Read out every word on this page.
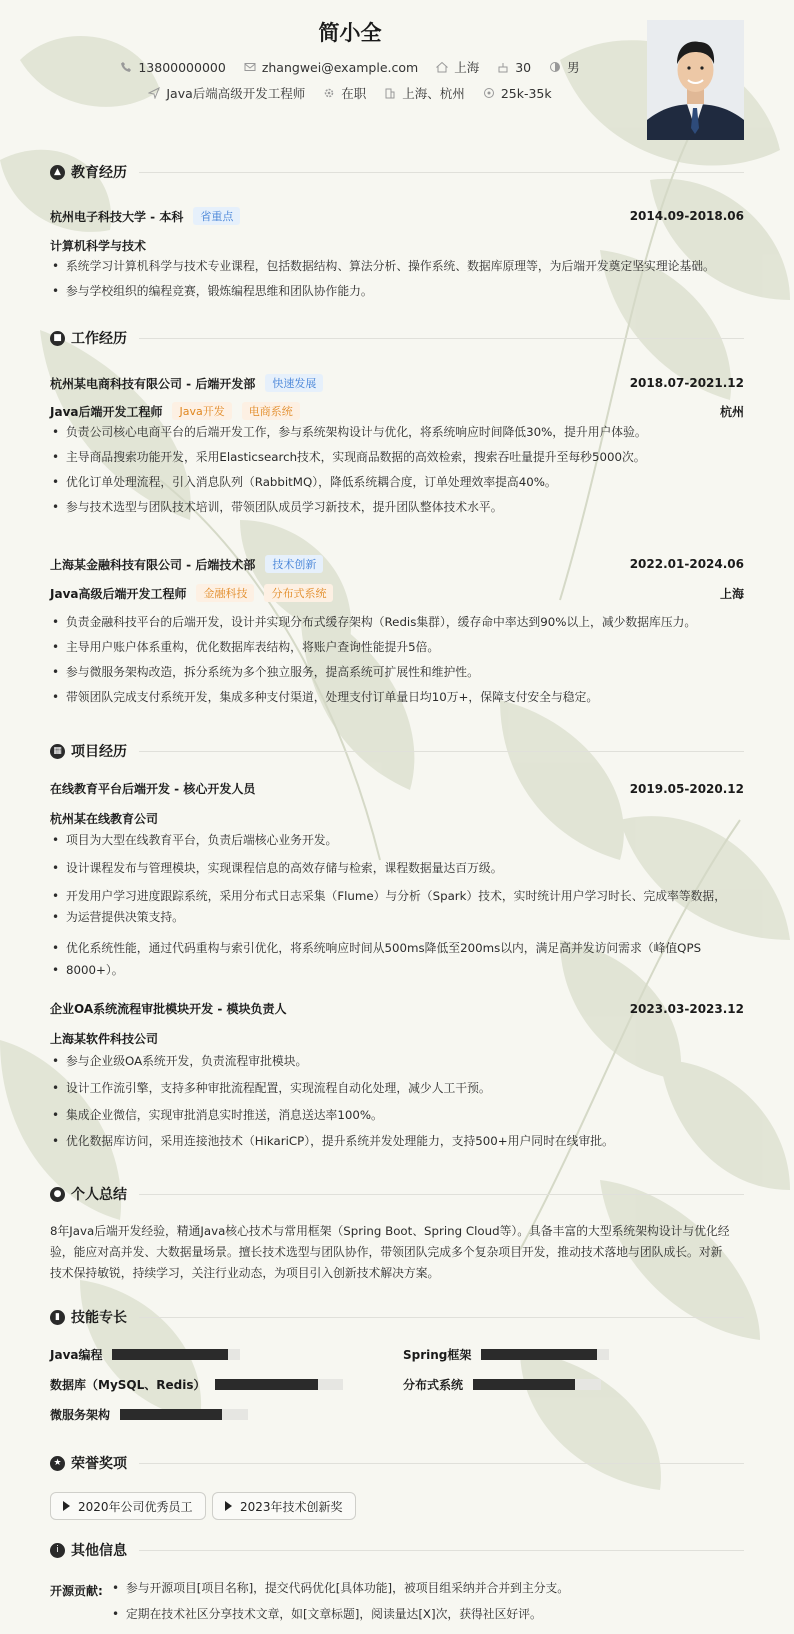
简小全
13800000000	zhangwei@example.com	上海	30	男
Java后端高级开发工程师	在职	上海、杭州	25k-35k
▲ 教育经历
杭州电子科技大学 - 本科	省重点	2014.09-2018.06
计算机科学与技术
• 系统学习计算机科学与技术专业课程，包括数据结构、算法分析、操作系统、数据库原理等，为后端开发奠定坚实理论基础。
• 参与学校组织的编程竞赛，锻炼编程思维和团队协作能力。
■ 工作经历
杭州某电商科技有限公司 - 后端开发部	快速发展	2018.07-2021.12
Java后端开发工程师	Java开发	电商系统	杭州
• 负责公司核心电商平台的后端开发工作，参与系统架构设计与优化，将系统响应时间降低30%，提升用户体验。
• 主导商品搜索功能开发，采用Elasticsearch技术，实现商品数据的高效检索，搜索吞吐量提升至每秒5000次。
• 优化订单处理流程，引入消息队列（RabbitMQ），降低系统耦合度，订单处理效率提高40%。
• 参与技术选型与团队技术培训，带领团队成员学习新技术，提升团队整体技术水平。
上海某金融科技有限公司 - 后端技术部	技术创新	2022.01-2024.06
Java高级后端开发工程师	金融科技	分布式系统	上海
• 负责金融科技平台的后端开发，设计并实现分布式缓存架构（Redis集群），缓存命中率达到90%以上，减少数据库压力。
• 主导用户账户体系重构，优化数据库表结构，将账户查询性能提升5倍。
• 参与微服务架构改造，拆分系统为多个独立服务，提高系统可扩展性和维护性。
• 带领团队完成支付系统开发，集成多种支付渠道，处理支付订单量日均10万+，保障支付安全与稳定。
▦ 项目经历
在线教育平台后端开发 - 核心开发人员	2019.05-2020.12
杭州某在线教育公司
• 项目为大型在线教育平台，负责后端核心业务开发。
• 设计课程发布与管理模块，实现课程信息的高效存储与检索，课程数据量达百万级。
• 开发用户学习进度跟踪系统，采用分布式日志采集（Flume）与分析（Spark）技术，实时统计用户学习时长、完成率等数据，
• 为运营提供决策支持。
• 优化系统性能，通过代码重构与索引优化，将系统响应时间从500ms降低至200ms以内，满足高并发访问需求（峰值QPS
• 8000+）。
企业OA系统流程审批模块开发 - 模块负责人	2023.03-2023.12
上海某软件科技公司
• 参与企业级OA系统开发，负责流程审批模块。
• 设计工作流引擎，支持多种审批流程配置，实现流程自动化处理，减少人工干预。
• 集成企业微信，实现审批消息实时推送，消息送达率100%。
• 优化数据库访问，采用连接池技术（HikariCP），提升系统并发处理能力，支持500+用户同时在线审批。
● 个人总结
8年Java后端开发经验，精通Java核心技术与常用框架（Spring Boot、Spring Cloud等）。具备丰富的大型系统架构设计与优化经
验，能应对高并发、大数据量场景。擅长技术选型与团队协作，带领团队完成多个复杂项目开发，推动技术落地与团队成长。对新
技术保持敏锐，持续学习，关注行业动态，为项目引入创新技术解决方案。
▮ 技能专长
Java编程	Spring框架
数据库（MySQL、Redis）	分布式系统
微服务架构
★ 荣誉奖项
2020年公司优秀员工	2023年技术创新奖
i 其他信息
开源贡献:
•	参与开源项目[项目名称]，提交代码优化[具体功能]，被项目组采纳并合并到主分支。
• 定期在技术社区分享技术文章，如[文章标题]，阅读量达[X]次，获得社区好评。
